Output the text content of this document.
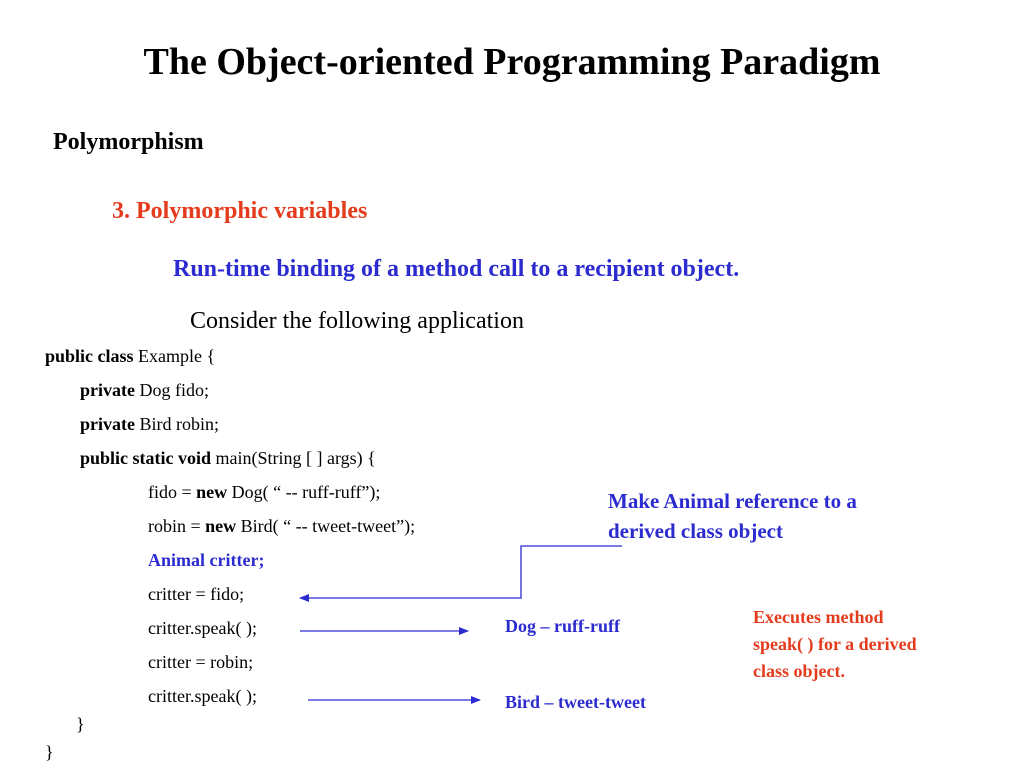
The Object-oriented Programming Paradigm
Polymorphism
3. Polymorphic variables
Run-time binding of a method call to a recipient object.
Consider the following application
public class Example {
private Dog fido;
private Bird robin;
public static void main(String [ ] args) {
fido = new Dog( “ -- ruff-ruff”);
robin = new Bird( “ -- tweet-tweet”);
Animal critter;
critter = fido;
critter.speak( );
critter = robin;
critter.speak( );
}
}
Make Animal reference to a
derived class object
Executes method
speak( ) for a derived
class object.
Dog – ruff-ruff
Bird – tweet-tweet
